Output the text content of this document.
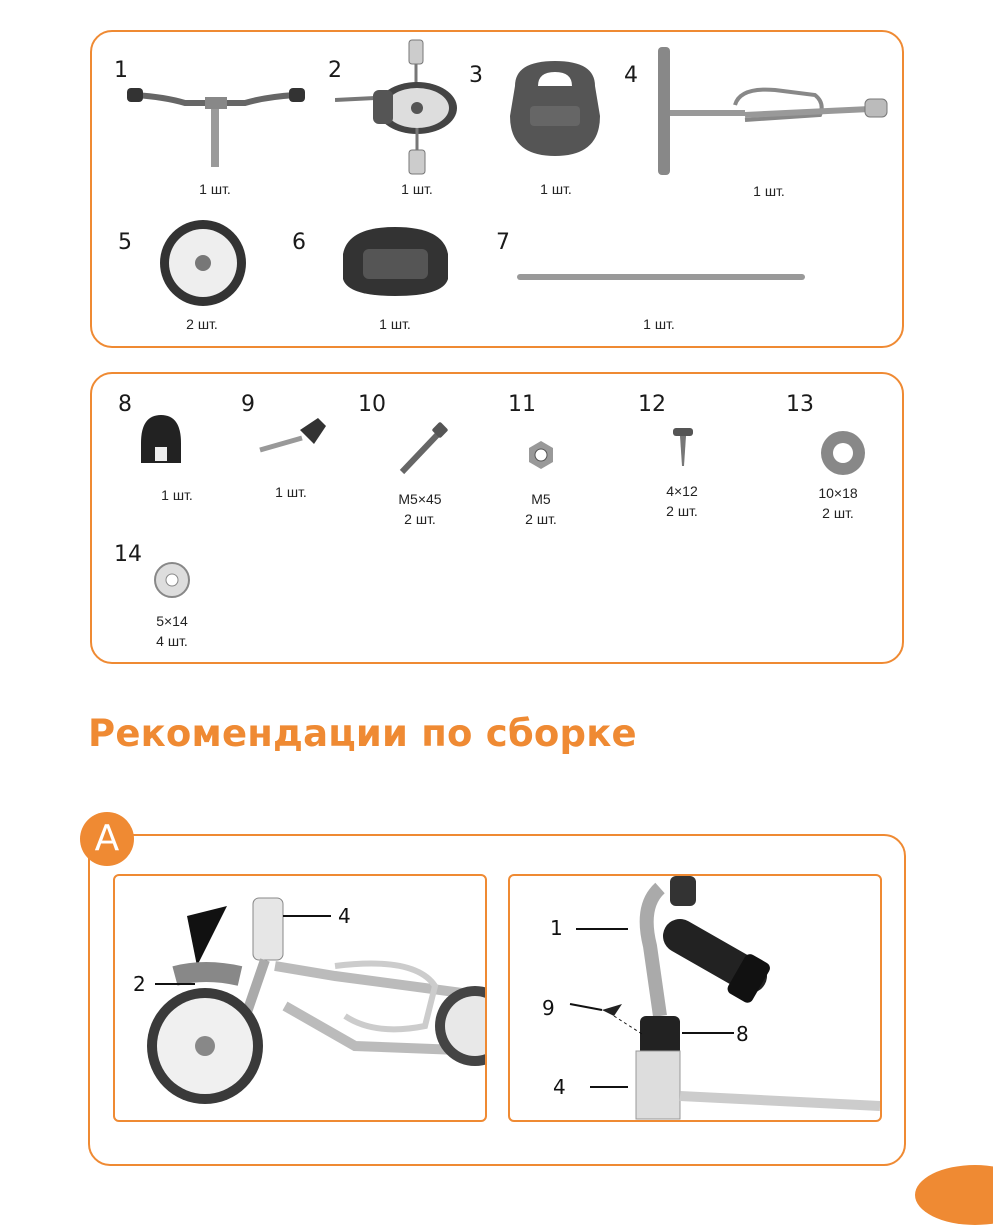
1
1 шт.
2
1 шт.
3
1 шт.
4
1 шт.
5
2 шт.
6
1 шт.
7
1 шт.
8
1 шт.
9
1 шт.
10
M5×45
2 шт.
11
M5
2 шт.
12
4×12
2 шт.
13
10×18
2 шт.
14
5×14
4 шт.
Рекомендации по сборке
A
4
2
1
9
8
4
